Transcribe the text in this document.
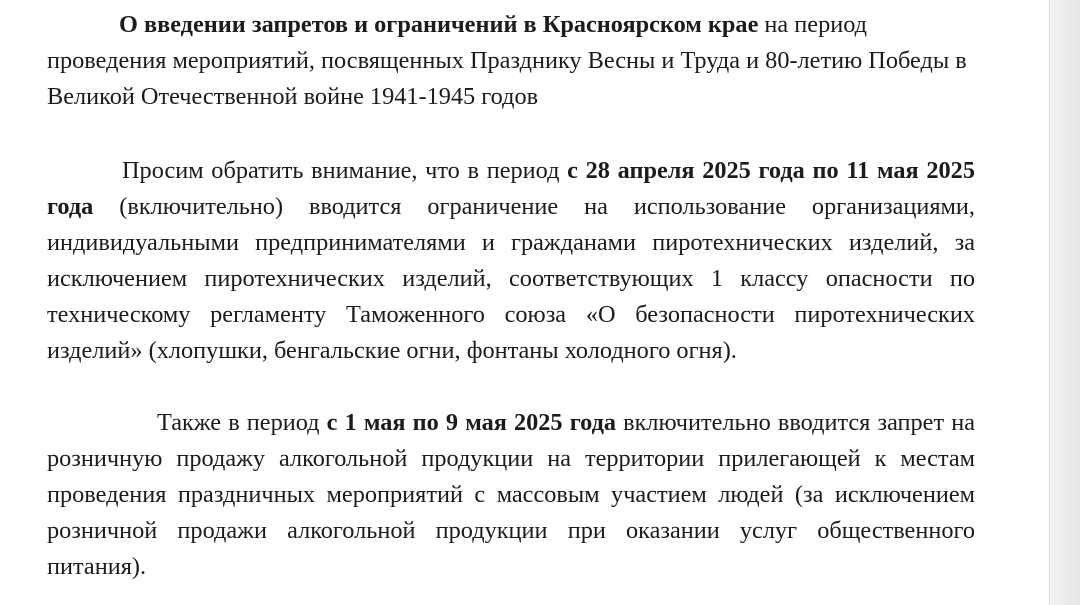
О введении запретов и ограничений в Красноярском крае на период проведения мероприятий, посвященных Празднику Весны и Труда и 80-летию Победы в Великой Отечественной войне 1941-1945 годов
Просим обратить внимание, что в период с 28 апреля 2025 года по 11 мая 2025 года (включительно) вводится ограничение на использование организациями, индивидуальными предпринимателями и гражданами пиротехнических изделий, за исключением пиротехнических изделий, соответствующих 1 классу опасности по техническому регламенту Таможенного союза «О безопасности пиротехнических изделий» (хлопушки, бенгальские огни, фонтаны холодного огня).
Также в период с 1 мая по 9 мая 2025 года включительно вводится запрет на розничную продажу алкогольной продукции на территории прилегающей к местам проведения праздничных мероприятий с массовым участием людей (за исключением розничной продажи алкогольной продукции при оказании услуг общественного питания).
